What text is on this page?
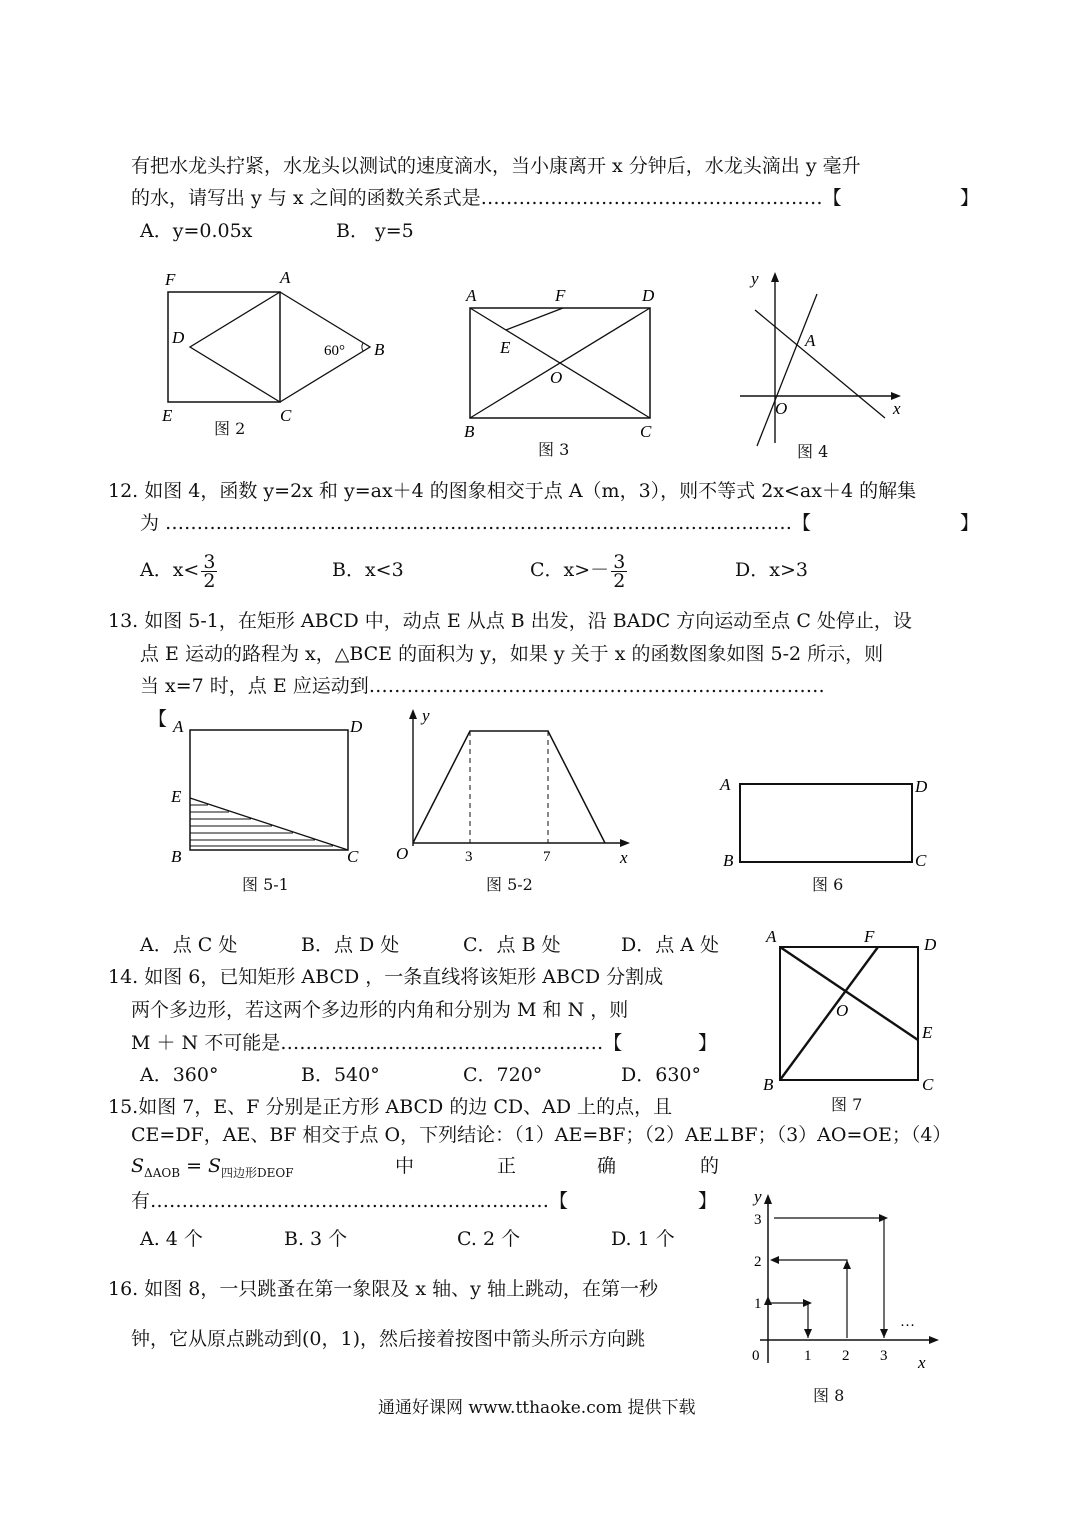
有把水龙头拧紧，水龙头以测试的速度滴水，当小康离开 x 分钟后，水龙头滴出 y 毫升
的水，请写出 y 与 x 之间的函数关系式是………………………………………………【	】
A．y=0.05x	B． y=5
F	A
D
B
E	C
60°
图 2
A	F	D
E
O
B	C
图 3
y
A
O	x
图 4
12. 如图 4，函数 y=2x 和 y=ax＋4 的图象相交于点 A（m，3），则不等式 2x<ax＋4 的解集
为 ………………………………………………………………………………………【	】
A．$x< \frac{3}{2}$	B．x<3	C．$x>- \frac{3}{2}$	D．x>3
13. 如图 5-1，在矩形 ABCD 中，动点 E 从点 B 出发，沿 BADC 方向运动至点 C 处停止，设
点 E 运动的路程为 x，△BCE 的面积为 y，如果 y 关于 x 的函数图象如图 5-2 所示，则
当 x=7 时，点 E 应运动到………………………………………………………………
【 A	D
E
B	C
图 5-1
y
O	3	7	x
图 5-2
A	D
B	C
图 6
A．点 C 处	B．点 D 处	C．点 B 处	D．点 A 处	A	F	D
O
E
B	C
图 7
14. 如图 6，已知矩形 ABCD ，一条直线将该矩形 ABCD 分割成
两个多边形，若这两个多边形的内角和分别为 M 和 N ，则
M ＋ N 不可能是……………………………………………【	】
A．360°	B．540°	C．720°	D．630°
15.如图 7，E、F 分别是正方形 ABCD 的边 CD、AD 上的点，且
CE=DF，AE、BF 相交于点 O，下列结论：（1）AE=BF；（2）AE⊥BF；（3）AO=OE；（4）
$S_{\Delta AOB} = S_{四边形DEOF}$	中	正	确	的
有………………………………………………………【	】
A. 4 个	B. 3 个	C. 2 个	D. 1 个
y
3
2
1
0	1 2 3
…
x
图 8
16. 如图 8，一只跳蚤在第一象限及 x 轴、y 轴上跳动，在第一秒
钟，它从原点跳动到(0，1)，然后接着按图中箭头所示方向跳
通通好课网 www.tthaoke.com 提供下载
